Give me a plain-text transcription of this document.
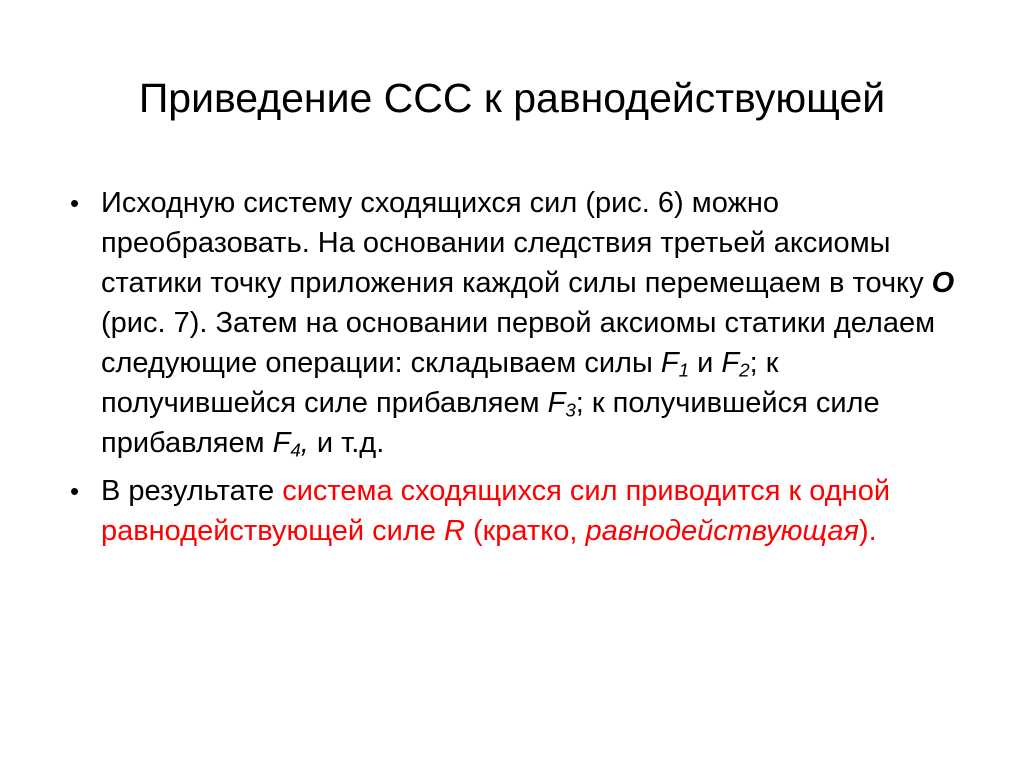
Приведение ССС к равнодействующей
• Исходную систему сходящихся сил (рис. 6) можно преобразовать. На основании следствия третьей аксиомы статики точку приложения каждой силы перемещаем в точку О (рис. 7). Затем на основании первой аксиомы статики делаем следующие операции: складываем силы $F_1$ и $F_2$; к получившейся силе прибавляем $F_3$; к получившейся силе прибавляем $F_4$, и т.д.
• В результате система сходящихся сил приводится к одной равнодействующей силе R (кратко, равнодействующая).
